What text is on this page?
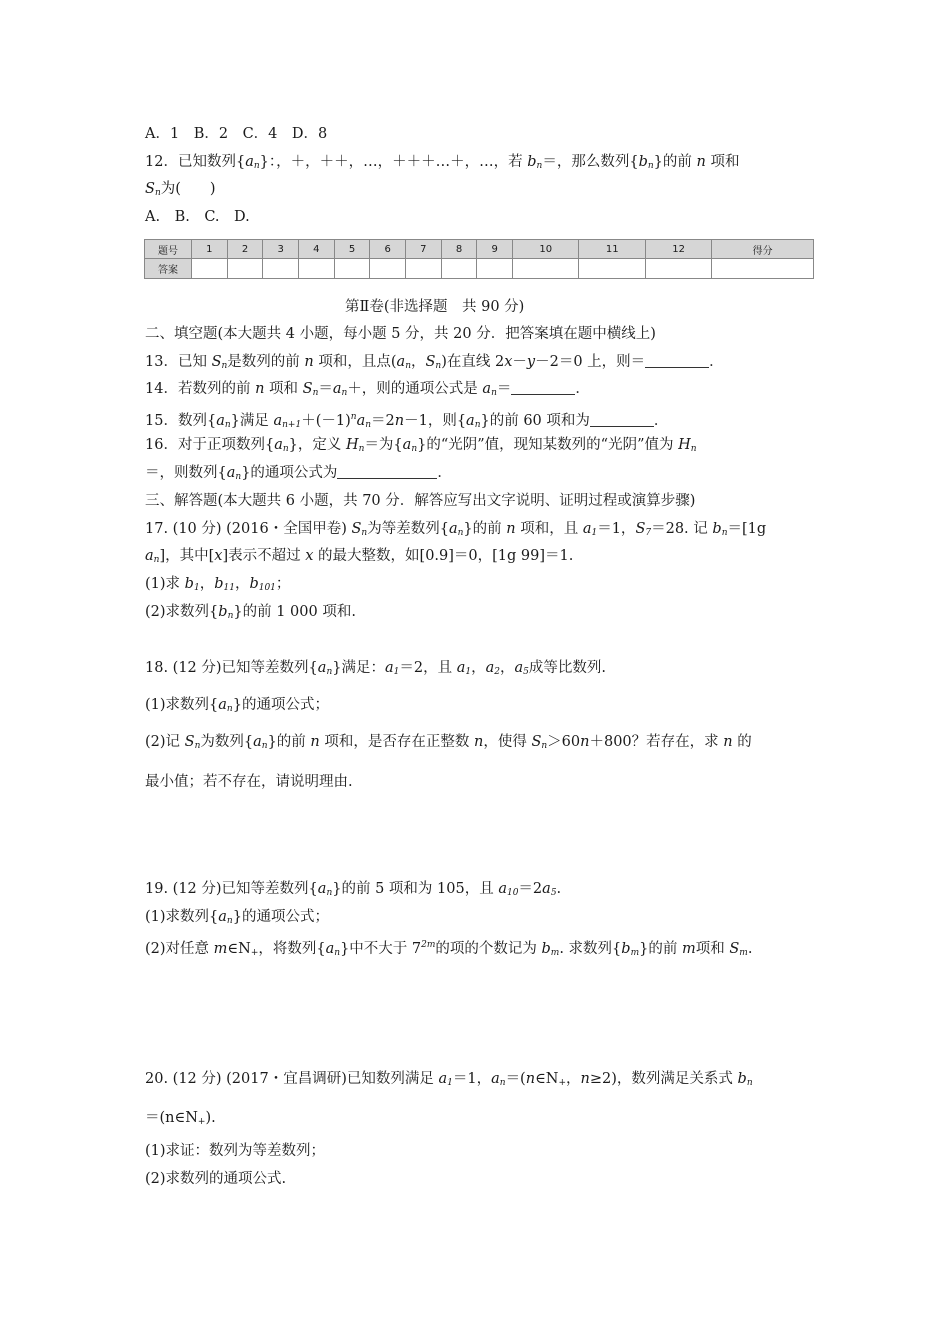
A．1　B．2　C．4　D．8
12．已知数列$\{a_n\}$：，＋，＋＋，…，＋＋＋…＋，…，若 $b_n=$，那么数列$\{b_n\}$的前 n 项和
$S_n$为(　　)
A.　B.　C.　D.
题号	1	2	3	4	5	6	7	8	9	10	11	12	得分
答案													
第Ⅱ卷(非选择题　共 90 分)
二、填空题(本大题共 4 小题，每小题 5 分，共 20 分．把答案填在题中横线上)
13．已知 $S_n$是数列的前 n 项和，且点($a_n$，$S_n$)在直线 2x－y－2＝0 上，则＝	．
14．若数列的前 n 项和 $S_n=a_n+$，则的通项公式是 $a_n=$	．
15．数列$\{a_n\}$满足 $a_{n+1}+(-1)^na_n=2n-1$，则$\{a_n\}$的前 60 项和为	．
16．对于正项数列$\{a_n\}$，定义 $H_n=$为$\{a_n\}$的“光阴”值，现知某数列的“光阴”值为 $H_n$
＝，则数列$\{a_n\}$的通项公式为	．
三、解答题(本大题共 6 小题，共 70 分．解答应写出文字说明、证明过程或演算步骤)
17. (10 分) (2016・全国甲卷) $S_n$为等差数列$\{a_n\}$的前 n 项和，且 $a_1=1$，$S_7=28$. 记 $b_n=[1g$
$a_n$]，其中[x]表示不超过 x 的最大整数，如[0.9]＝0，[1g 99]＝1.
(1)求 $b_1$，$b_{11}$，$b_{101}$；
(2)求数列$\{b_n\}$的前 1 000 项和.
18. (12 分)已知等差数列$\{a_n\}$满足：$a_1=2$，且 $a_1$，$a_2$，$a_5$成等比数列.
(1)求数列$\{a_n\}$的通项公式；
(2)记 $S_n$为数列$\{a_n\}$的前 n 项和，是否存在正整数 n，使得 $S_n>60n+800$？若存在，求 n 的
最小值；若不存在，请说明理由.
19. (12 分)已知等差数列$\{a_n\}$的前 5 项和为 105，且 $a_{10}=2a_5$.
(1)求数列$\{a_n\}$的通项公式；
(2)对任意 $m\in N_+$，将数列$\{a_n\}$中不大于 $7^{2m}$的项的个数记为 $b_m$. 求数列$\{b_m\}$的前 m项和 $S_m$.
20. (12 分) (2017・宜昌调研)已知数列满足 $a_1=1$，$a_n=(n\in N_+$，n≥2)，数列满足关系式 $b_n$
$=(n\in N_+)$.
(1)求证：数列为等差数列；
(2)求数列的通项公式.
